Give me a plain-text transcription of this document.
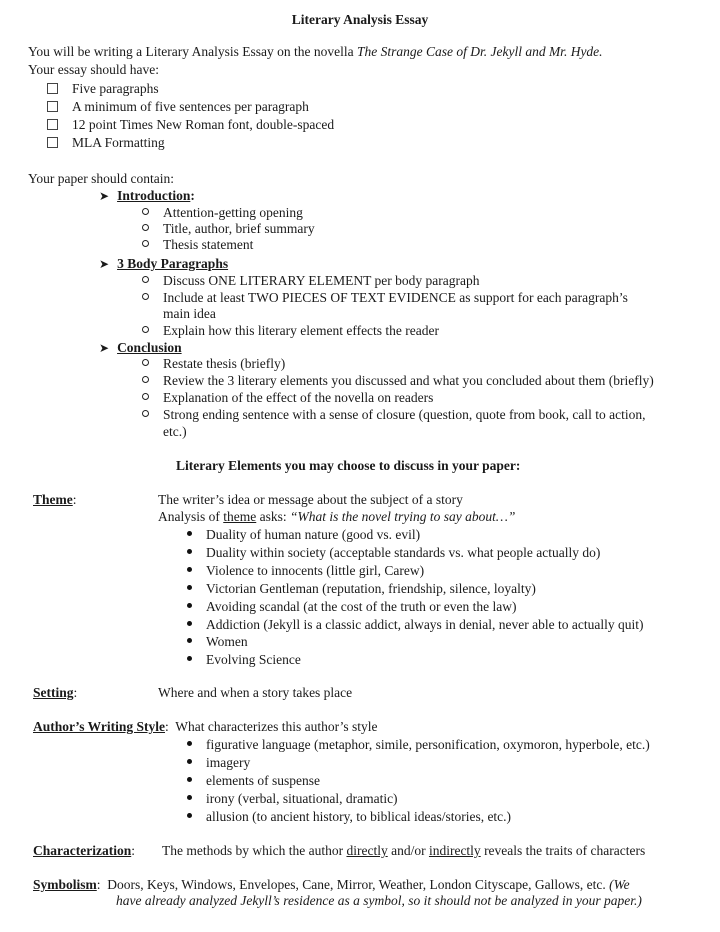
Literary Analysis Essay
You will be writing a Literary Analysis Essay on the novella The Strange Case of Dr. Jekyll and Mr. Hyde.
Your essay should have:
Five paragraphs
A minimum of five sentences per paragraph
12 point Times New Roman font, double-spaced
MLA Formatting
Your paper should contain:
➤ Introduction:
Attention-getting opening
Title, author, brief summary
Thesis statement
➤ 3 Body Paragraphs
Discuss ONE LITERARY ELEMENT per body paragraph
Include at least TWO PIECES OF TEXT EVIDENCE as support for each paragraph’s
main idea
Explain how this literary element effects the reader
➤ Conclusion
Restate thesis (briefly)
Review the 3 literary elements you discussed and what you concluded about them (briefly)
Explanation of the effect of the novella on readers
Strong ending sentence with a sense of closure (question, quote from book, call to action,
etc.)
Literary Elements you may choose to discuss in your paper:
Theme:	The writer’s idea or message about the subject of a story
Analysis of theme asks: “What is the novel trying to say about…”
Duality of human nature (good vs. evil)
Duality within society (acceptable standards vs. what people actually do)
Violence to innocents (little girl, Carew)
Victorian Gentleman (reputation, friendship, silence, loyalty)
Avoiding scandal (at the cost of the truth or even the law)
Addiction (Jekyll is a classic addict, always in denial, never able to actually quit)
Women
Evolving Science
Setting:	Where and when a story takes place
Author’s Writing Style: What characterizes this author’s style
figurative language (metaphor, simile, personification, oxymoron, hyperbole, etc.)
imagery
elements of suspense
irony (verbal, situational, dramatic)
allusion (to ancient history, to biblical ideas/stories, etc.)
Characterization: The methods by which the author directly and/or indirectly reveals the traits of characters
Symbolism: Doors, Keys, Windows, Envelopes, Cane, Mirror, Weather, London Cityscape, Gallows, etc. (We
have already analyzed Jekyll’s residence as a symbol, so it should not be analyzed in your paper.)
